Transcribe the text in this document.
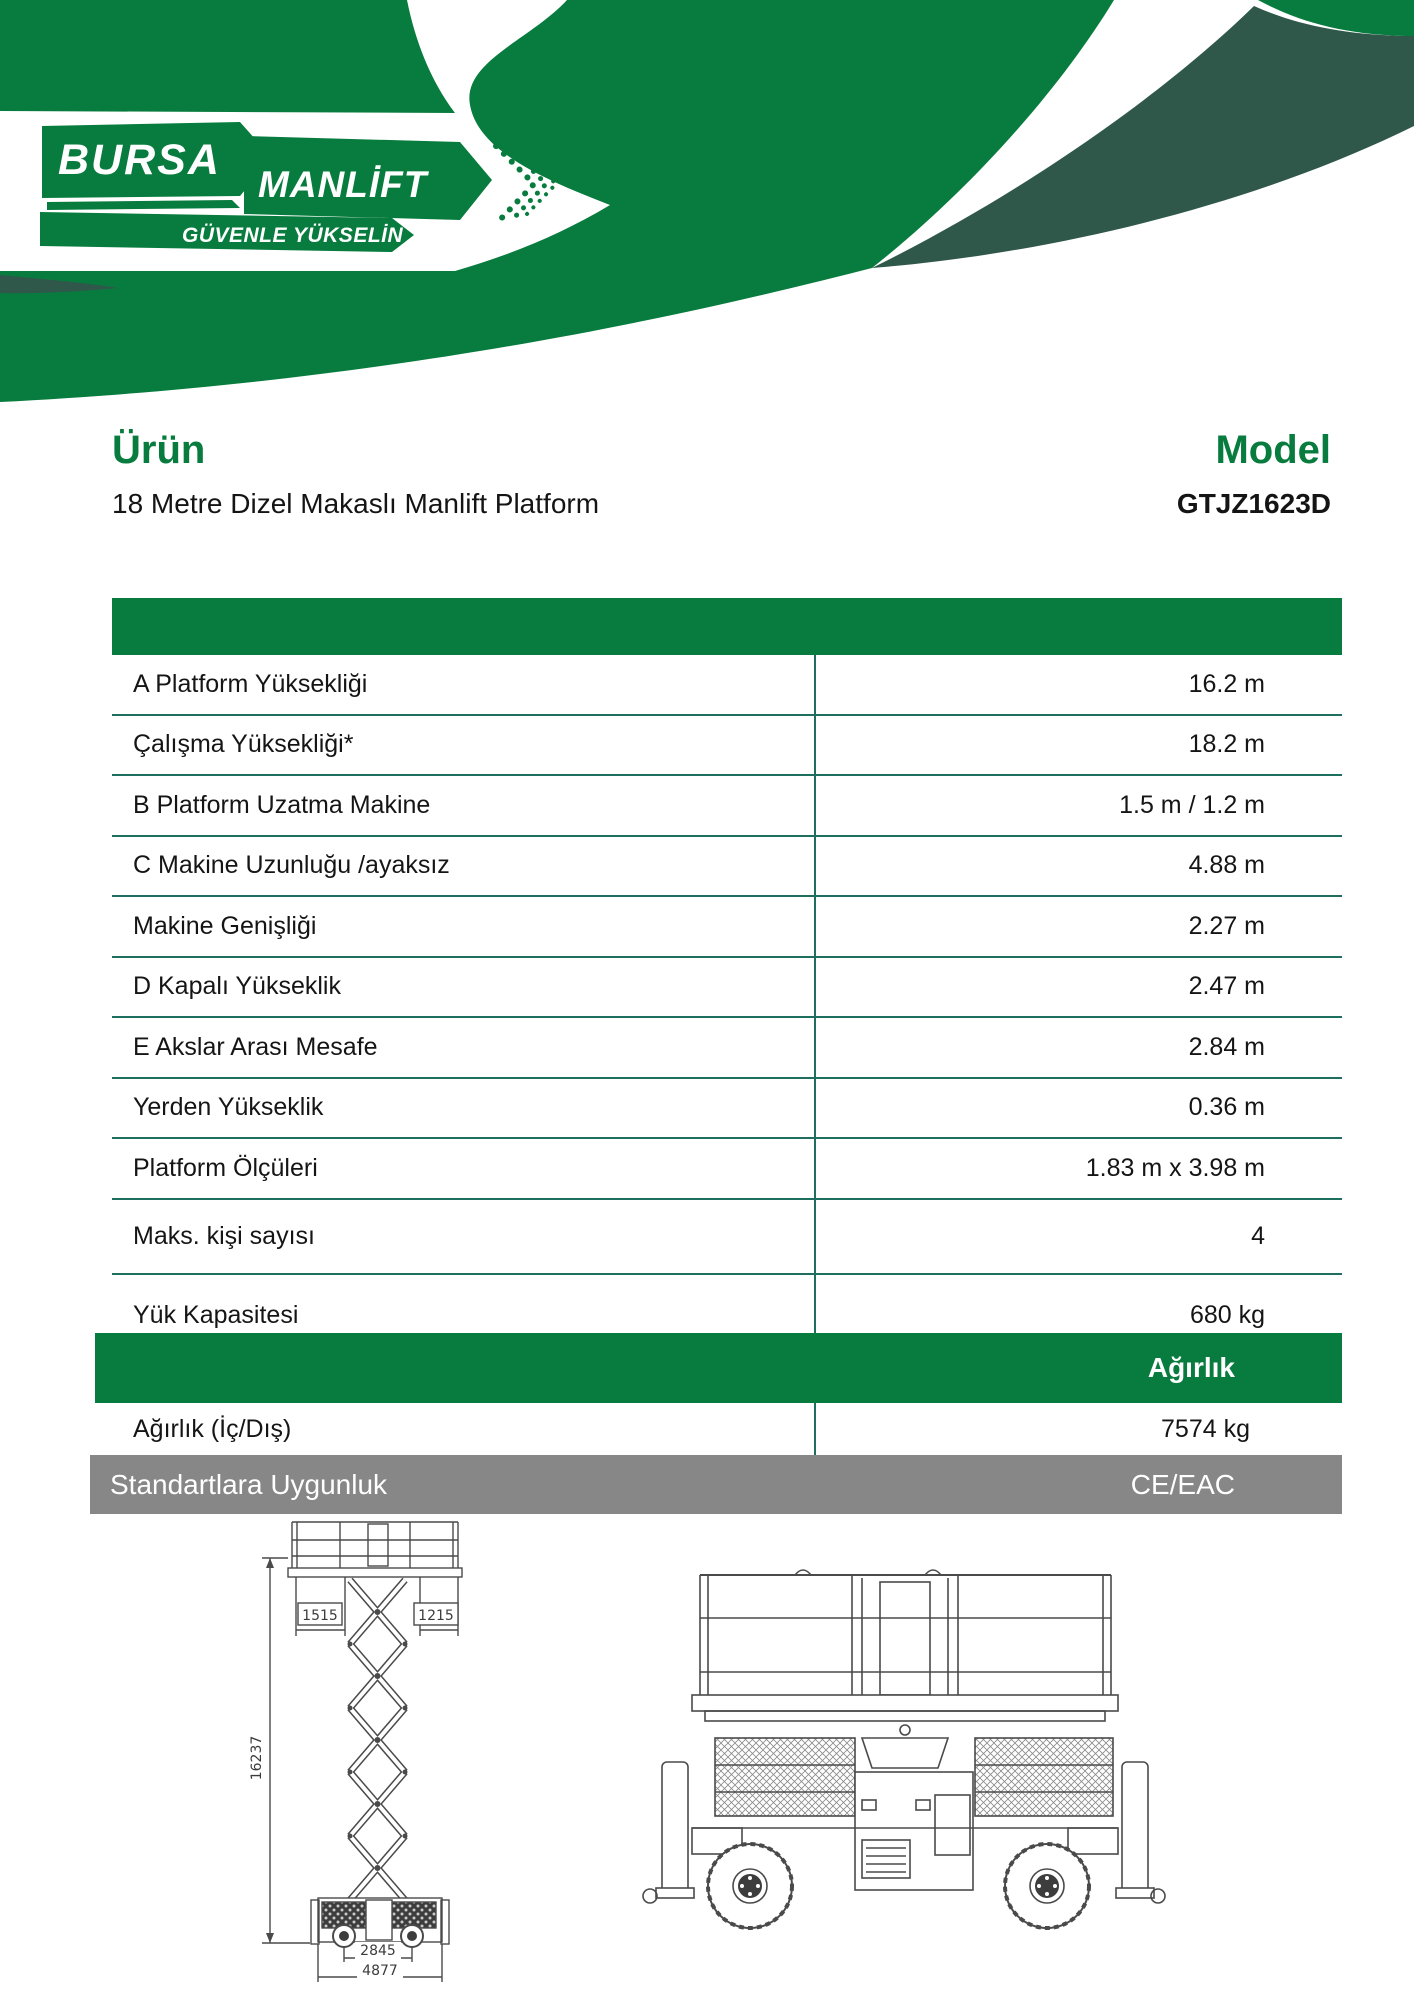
BURSA
MANLİFT
GÜVENLE YÜKSELİN
Ürün
18 Metre Dizel Makaslı Manlift Platform
Model
GTJZ1623D
A Platform Yüksekliği	16.2 m
Çalışma Yüksekliği*	18.2 m
B Platform Uzatma Makine	1.5 m / 1.2 m
C Makine Uzunluğu /ayaksız	4.88 m
Makine Genişliği	2.27 m
D Kapalı Yükseklik	2.47 m
E Akslar Arası Mesafe	2.84 m
Yerden Yükseklik	0.36 m
Platform Ölçüleri	1.83 m x 3.98 m
Maks. kişi sayısı	4
Yük Kapasitesi	680 kg
Ağırlık
Ağırlık (İç/Dış)	7574 kg
Standartlara Uygunluk	CE/EAC
1515	1215
16237
2845
4877
